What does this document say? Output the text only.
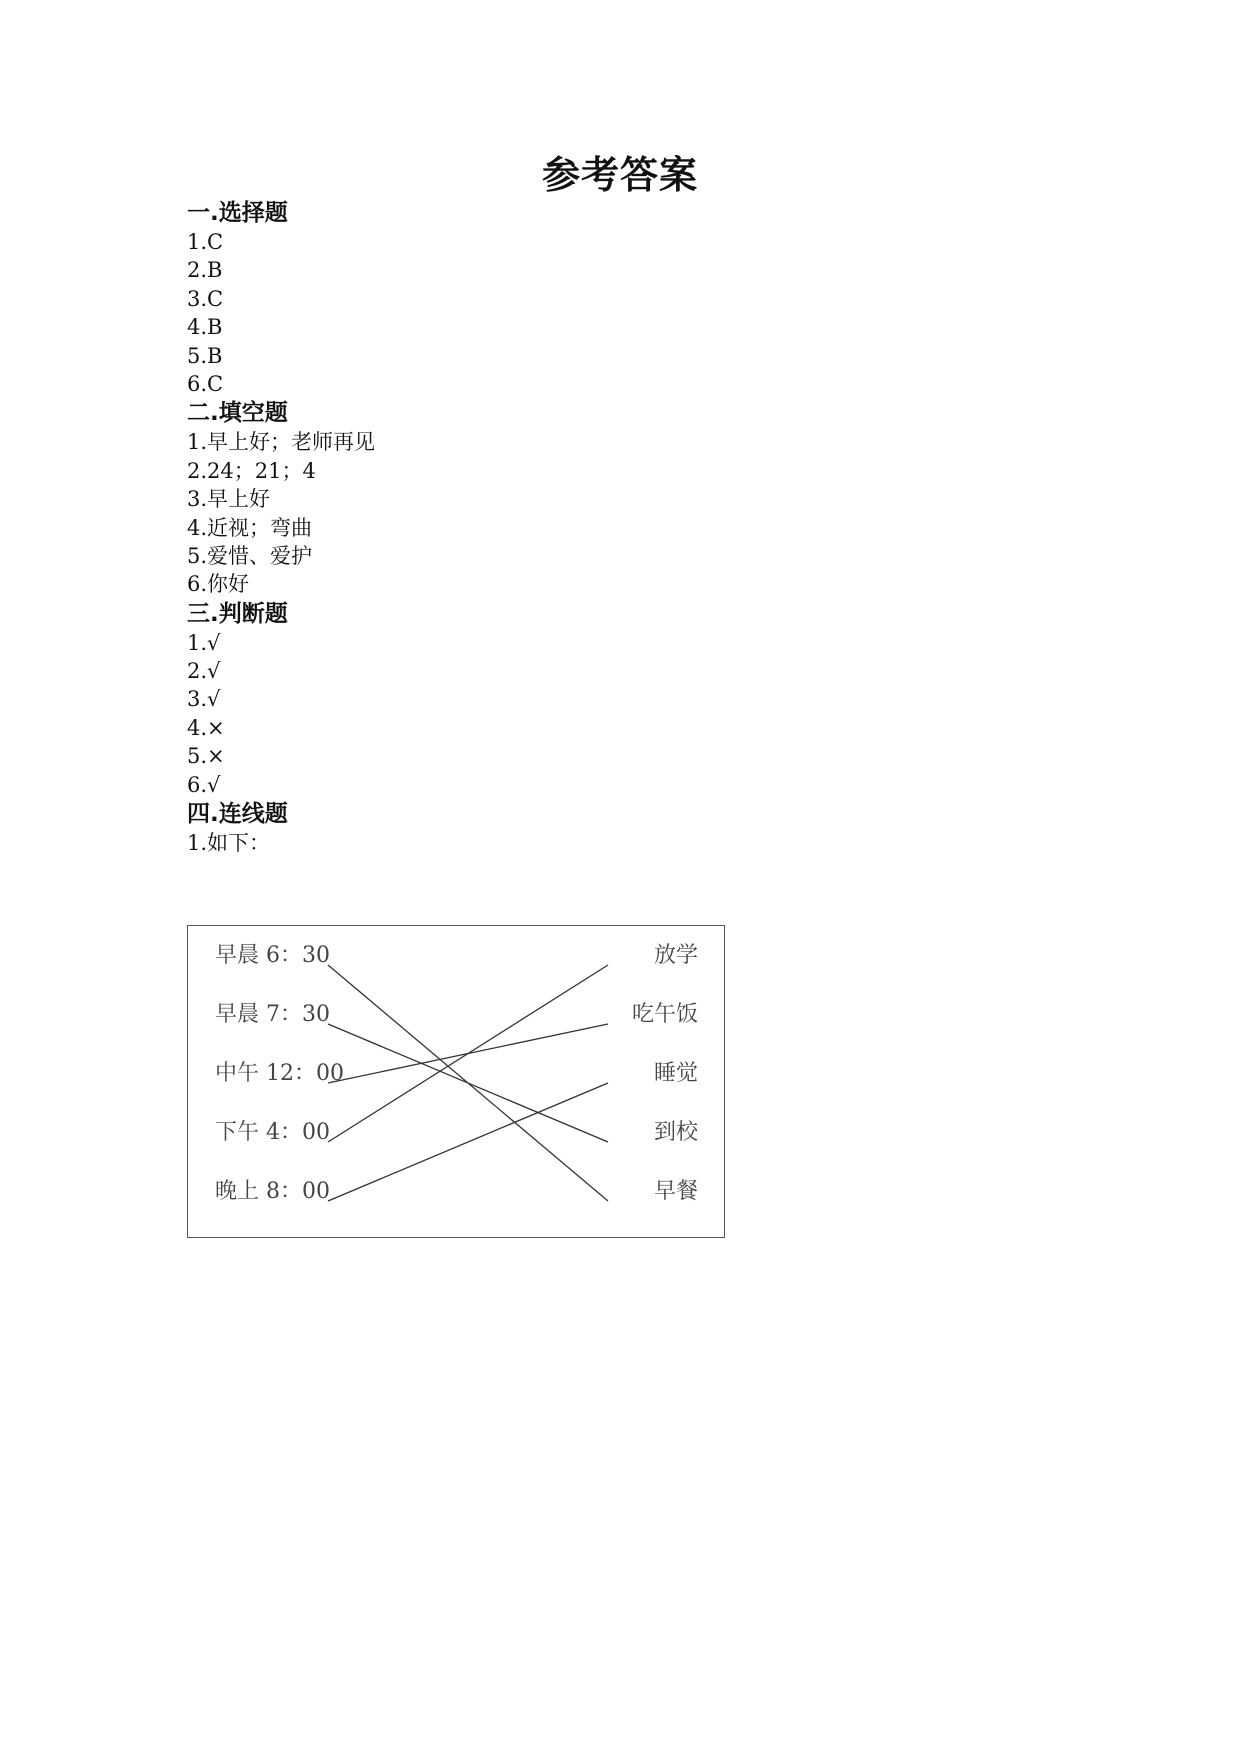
参考答案
一.选择题
1.C
2.B
3.C
4.B
5.B
6.C
二.填空题
1.早上好；老师再见
2.24；21；4
3.早上好
4.近视；弯曲
5.爱惜、爱护
6.你好
三.判断题
1.√
2.√
3.√
4.×
5.×
6.√
四.连线题
1.如下：
早晨 6：30
早晨 7：30
中午 12：00
下午 4：00
晚上 8：00
放学
吃午饭
睡觉
到校
早餐
